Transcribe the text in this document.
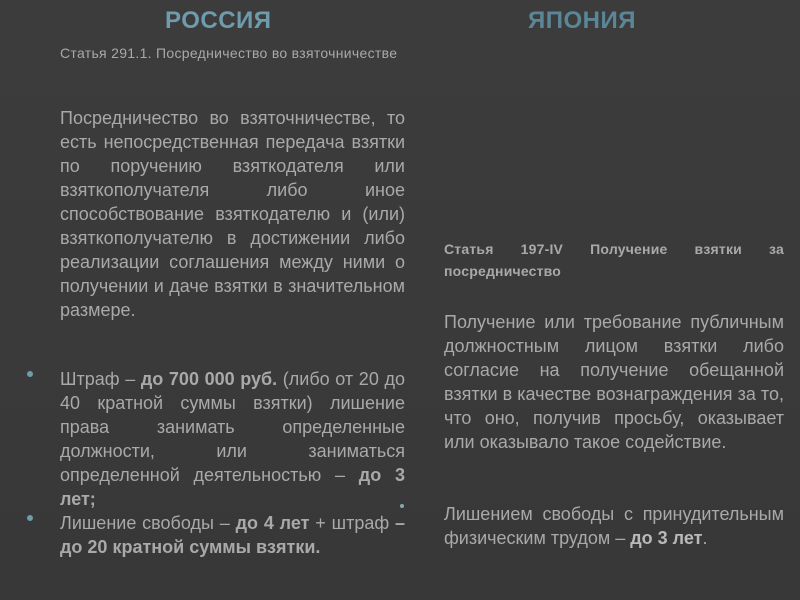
РОССИЯ	ЯПОНИЯ
Статья 291.1. Посредничество во взяточничестве
Посредничество во взяточничестве, то есть непосредственная передача взятки по поручению взяткодателя или взяткополучателя либо иное способствование взяткодателю и (или) взяткополучателю в достижении либо реализации соглашения между ними о получении и даче взятки в значительном размере.
Штраф – до 700 000 руб. (либо от 20 до 40 кратной суммы взятки) лишение права занимать определенные должности, или заниматься определенной деятельностью – до 3 лет;
Лишение свободы – до 4 лет + штраф – до 20 кратной суммы взятки.
Статья 197-IV Получение взятки за посредничество
Получение или требование публичным должностным лицом взятки либо согласие на получение обещанной взятки в качестве вознаграждения за то, что оно, получив просьбу, оказывает или оказывало такое содействие.
Лишением свободы с принудительным физическим трудом – до 3 лет.
